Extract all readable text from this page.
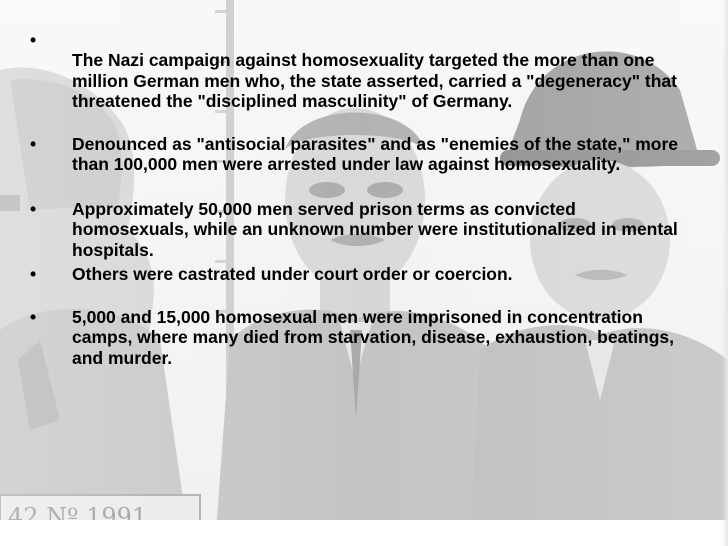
•
The Nazi campaign against homosexuality targeted the more than one million German men who, the state asserted, carried a "degeneracy" that threatened the "disciplined masculinity" of Germany.
• Denounced as "antisocial parasites" and as "enemies of the state," more than 100,000 men were arrested under law against homosexuality.
• Approximately 50,000 men served prison terms as convicted homosexuals, while an unknown number were institutionalized in mental hospitals.
• Others were castrated under court order or coercion.
• 5,000 and 15,000 homosexual men were imprisoned in concentration camps, where many died from starvation, disease, exhaustion, beatings, and murder.
